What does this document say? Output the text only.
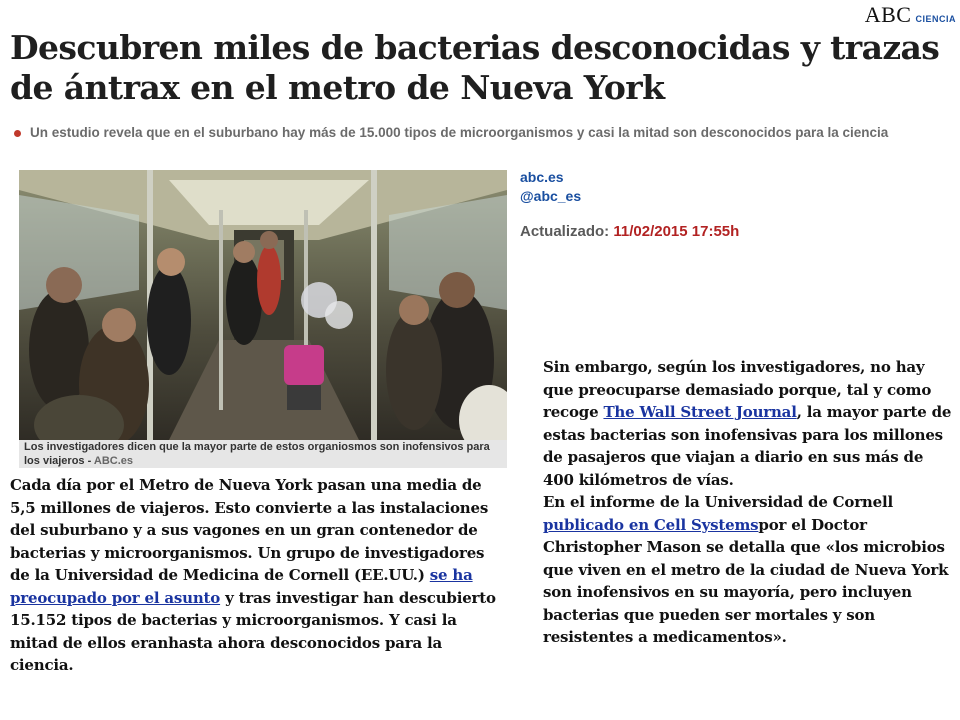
ABC CIENCIA
Descubren miles de bacterias desconocidas y trazas de ántrax en el metro de Nueva York
Un estudio revela que en el suburbano hay más de 15.000 tipos de microorganismos y casi la mitad son desconocidos para la ciencia
Los investigadores dicen que la mayor parte de estos organiosmos son inofensivos para los viajeros - ABC.es
abc.es
@abc_es
Actualizado: 11/02/2015 17:55h

Cada día por el Metro de Nueva York pasan una media de 5,5 millones de viajeros. Esto convierte a las instalaciones del suburbano y a sus vagones en un gran contenedor de bacterias y microorganismos. Un grupo de investigadores de la Universidad de Medicina de Cornell (EE.UU.) se ha preocupado por el asunto y tras investigar han descubierto 15.152 tipos de bacterias y microorganismos. Y casi la mitad de ellos eranhasta ahora desconocidos para la ciencia.

Sin embargo, según los investigadores, no hay que preocuparse demasiado porque, tal y como recoge The Wall Street Journal, la mayor parte de estas bacterias son inofensivas para los millones de pasajeros que viajan a diario en sus más de 400 kilómetros de vías.

En el informe de la Universidad de Cornell publicado en Cell Systemspor el Doctor Christopher Mason se detalla que «los microbios que viven en el metro de la ciudad de Nueva York son inofensivos en su mayoría, pero incluyen bacterias que pueden ser mortales y son resistentes a medicamentos».
